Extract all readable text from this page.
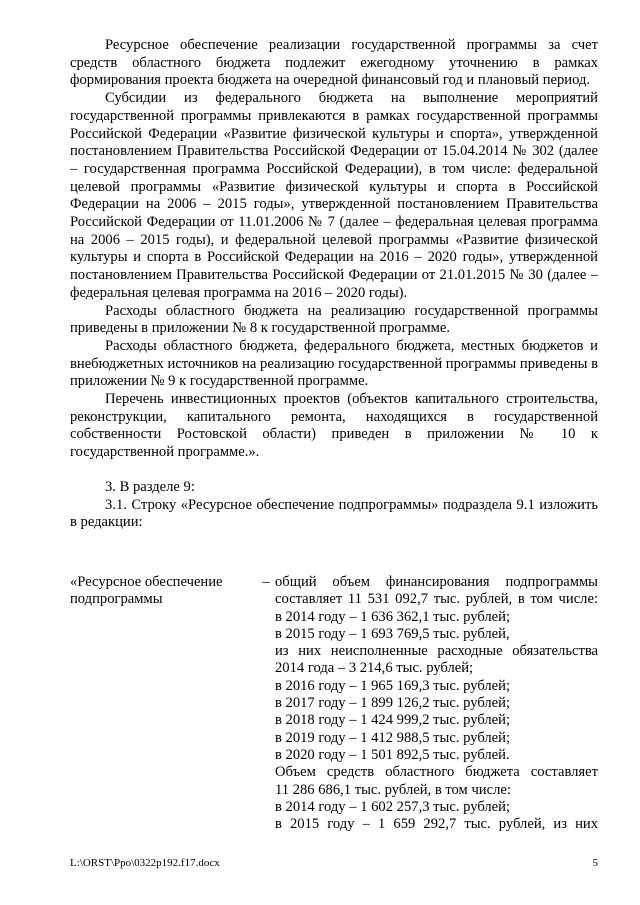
Ресурсное обеспечение реализации государственной программы за счет средств областного бюджета подлежит ежегодному уточнению в рамках формирования проекта бюджета на очередной финансовый год и плановый период.

Субсидии из федерального бюджета на выполнение мероприятий государственной программы привлекаются в рамках государственной программы Российской Федерации «Развитие физической культуры и спорта», утвержденной постановлением Правительства Российской Федерации от 15.04.2014 № 302 (далее – государственная программа Российской Федерации), в том числе: федеральной целевой программы «Развитие физической культуры и спорта в Российской Федерации на 2006 – 2015 годы», утвержденной постановлением Правительства Российской Федерации от 11.01.2006 № 7 (далее – федеральная целевая программа на 2006 – 2015 годы), и федеральной целевой программы «Развитие физической культуры и спорта в Российской Федерации на 2016 – 2020 годы», утвержденной постановлением Правительства Российской Федерации от 21.01.2015 № 30 (далее – федеральная целевая программа на 2016 – 2020 годы).

Расходы областного бюджета на реализацию государственной программы приведены в приложении № 8 к государственной программе.

Расходы областного бюджета, федерального бюджета, местных бюджетов и внебюджетных источников на реализацию государственной программы приведены в приложении № 9 к государственной программе.

Перечень инвестиционных проектов (объектов капитального строительства, реконструкции, капитального ремонта, находящихся в государственной собственности Ростовской области) приведен в приложении № 10 к государственной программе.».

3. В разделе 9:

3.1. Строку «Ресурсное обеспечение подпрограммы» подраздела 9.1 изложить в редакции:

«Ресурсное обеспечение подпрограммы
– общий объем финансирования подпрограммы
составляет 11 531 092,7 тыс. рублей, в том числе:
в 2014 году – 1 636 362,1 тыс. рублей;
в 2015 году – 1 693 769,5 тыс. рублей,
из них неисполненные расходные обязательства
2014 года – 3 214,6 тыс. рублей;
в 2016 году – 1 965 169,3 тыс. рублей;
в 2017 году – 1 899 126,2 тыс. рублей;
в 2018 году – 1 424 999,2 тыс. рублей;
в 2019 году – 1 412 988,5 тыс. рублей;
в 2020 году – 1 501 892,5 тыс. рублей.
Объем средств областного бюджета составляет
11 286 686,1 тыс. рублей, в том числе:
в 2014 году – 1 602 257,3 тыс. рублей;
в 2015 году – 1 659 292,7 тыс. рублей, из них
L:\ORST\Ppo\0322p192.f17.docx	5
